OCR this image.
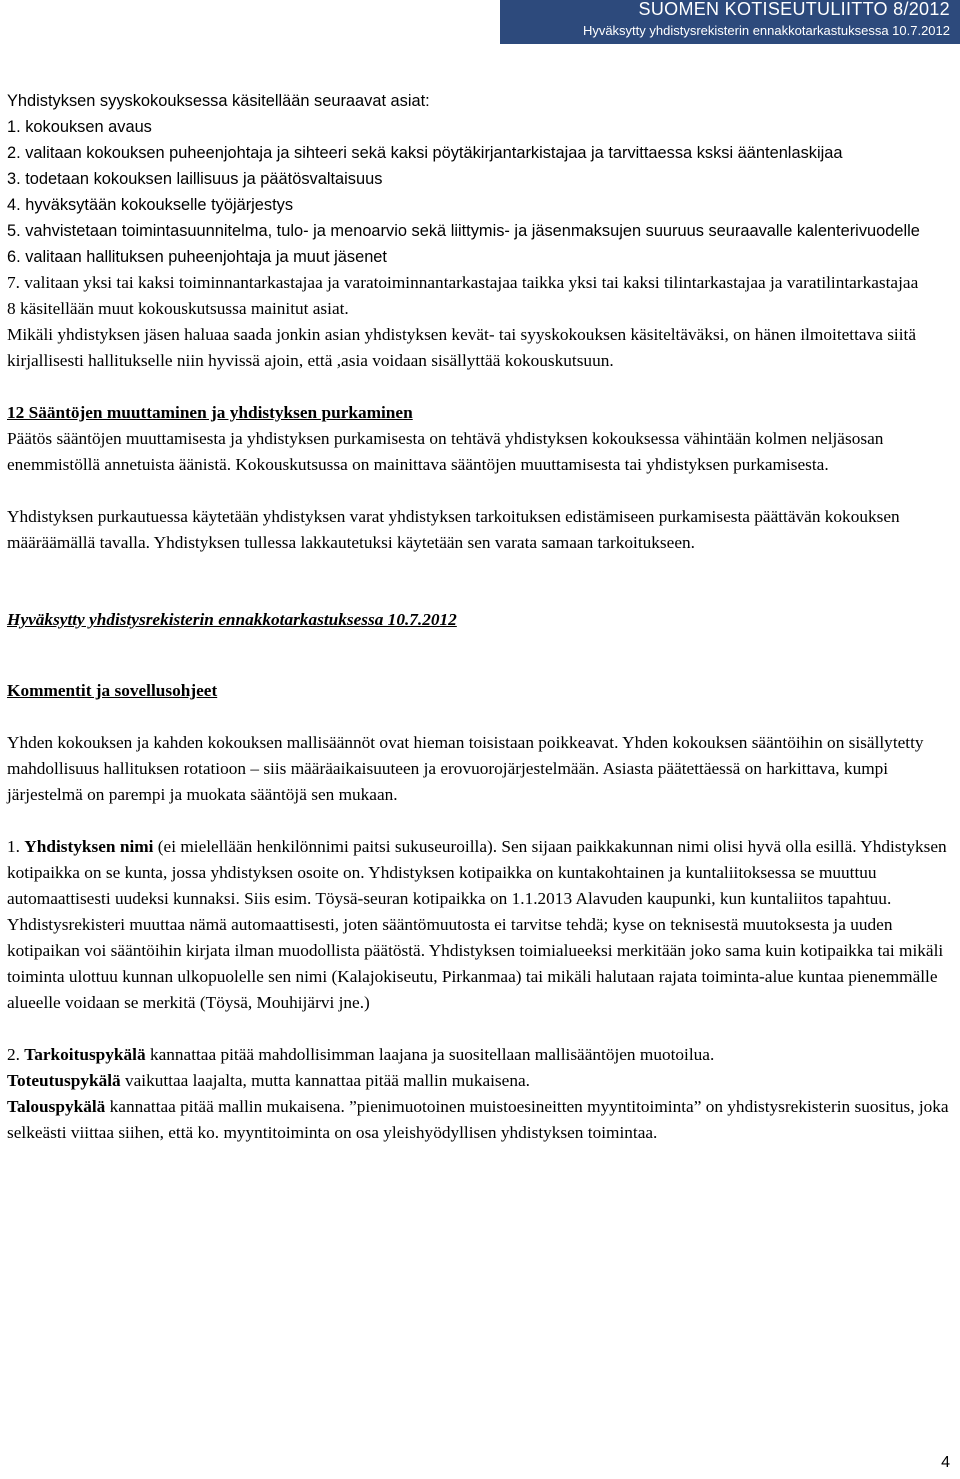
SUOMEN KOTISEUTULIITTO 8/2012
Hyväksytty yhdistysrekisterin ennakkotarkastuksessa 10.7.2012

Yhdistyksen syyskokouksessa käsitellään seuraavat asiat:

1. kokouksen avaus

2. valitaan kokouksen puheenjohtaja ja sihteeri sekä kaksi pöytäkirjantarkistajaa ja tarvittaessa ksksi ääntenlaskijaa

3. todetaan kokouksen laillisuus ja päätösvaltaisuus

4. hyväksytään kokoukselle työjärjestys

5. vahvistetaan toimintasuunnitelma, tulo- ja menoarvio sekä liittymis- ja jäsenmaksujen suuruus seuraavalle kalenterivuodelle

6. valitaan hallituksen puheenjohtaja ja muut jäsenet

7. valitaan yksi tai kaksi toiminnantarkastajaa ja varatoiminnantarkastajaa taikka yksi tai kaksi tilintarkastajaa ja varatilintarkastajaa

8 käsitellään muut kokouskutsussa mainitut asiat.

Mikäli yhdistyksen jäsen haluaa saada jonkin asian yhdistyksen kevät- tai syyskokouksen käsiteltäväksi, on hänen ilmoitettava siitä kirjallisesti hallitukselle niin hyvissä ajoin, että ,asia voidaan sisällyttää kokouskutsuun.

12 Sääntöjen muuttaminen ja yhdistyksen purkaminen

Päätös sääntöjen muuttamisesta ja yhdistyksen purkamisesta on tehtävä yhdistyksen kokouksessa vähintään kolmen neljäsosan enemmistöllä annetuista äänistä. Kokouskutsussa on mainittava sääntöjen muuttamisesta tai yhdistyksen purkamisesta.

Yhdistyksen purkautuessa käytetään yhdistyksen varat yhdistyksen tarkoituksen edistämiseen purkamisesta päättävän kokouksen määräämällä tavalla. Yhdistyksen tullessa lakkautetuksi käytetään sen varata samaan tarkoitukseen.

Hyväksytty yhdistysrekisterin ennakkotarkastuksessa 10.7.2012

Kommentit ja sovellusohjeet

Yhden kokouksen ja kahden kokouksen mallisäännöt ovat hieman toisistaan poikkeavat. Yhden kokouksen sääntöihin on sisällytetty mahdollisuus hallituksen rotatioon – siis määräaikaisuuteen ja erovuorojärjestelmään. Asiasta päätettäessä on harkittava, kumpi järjestelmä on parempi ja muokata sääntöjä sen mukaan.

1. Yhdistyksen nimi (ei mielellään henkilönnimi paitsi sukuseuroilla). Sen sijaan paikkakunnan nimi olisi hyvä olla esillä. Yhdistyksen kotipaikka on se kunta, jossa yhdistyksen osoite on. Yhdistyksen kotipaikka on kuntakohtainen ja kuntaliitoksessa se muuttuu automaattisesti uudeksi kunnaksi. Siis esim. Töysä-seuran kotipaikka on 1.1.2013 Alavuden kaupunki, kun kuntaliitos tapahtuu. Yhdistysrekisteri muuttaa nämä automaattisesti, joten sääntömuutosta ei tarvitse tehdä; kyse on teknisestä muutoksesta ja uuden kotipaikan voi sääntöihin kirjata ilman muodollista päätöstä. Yhdistyksen toimialueeksi merkitään joko sama kuin kotipaikka tai mikäli toiminta ulottuu kunnan ulkopuolelle sen nimi (Kalajokiseutu, Pirkanmaa) tai mikäli halutaan rajata toiminta-alue kuntaa pienemmälle alueelle voidaan se merkitä (Töysä, Mouhijärvi jne.)

2. Tarkoituspykälä kannattaa pitää mahdollisimman laajana ja suositellaan mallisääntöjen muotoilua.
Toteutuspykälä vaikuttaa laajalta, mutta kannattaa pitää mallin mukaisena.
Talouspykälä kannattaa pitää mallin mukaisena. ”pienimuotoinen muistoesineitten myyntitoiminta” on yhdistysrekisterin suositus, joka selkeästi viittaa siihen, että ko. myyntitoiminta on osa yleishyödyllisen yhdistyksen toimintaa.

4
